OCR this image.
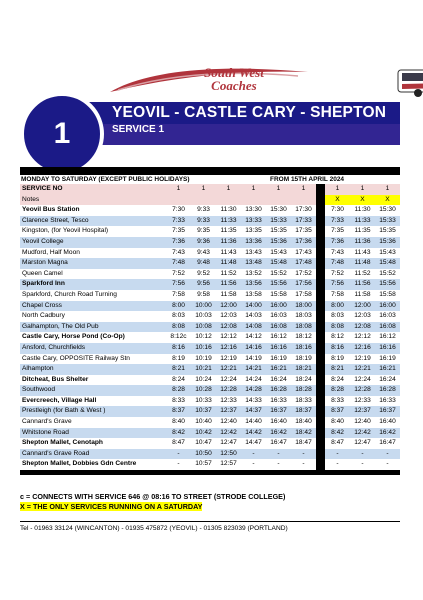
South West
Coaches
1
YEOVIL - CASTLE CARY - SHEPTON
SERVICE 1
MONDAY TO SATURDAY (EXCEPT PUBLIC HOLIDAYS)	FROM 15TH APRIL 2024
SERVICE NO	1	1	1	1	1	1		1	1	1
Notes								X	X	X
Yeovil Bus Station	7:30	9:33	11:30	13:30	15:30	17:30		7:30	11:30	15:30
Clarence Street, Tesco	7:33	9:33	11:33	13:33	15:33	17:33		7:33	11:33	15:33
Kingston, (for Yeovil Hospital)	7:35	9:35	11:35	13:35	15:35	17:35		7:35	11:35	15:35
Yeovil College	7:36	9:36	11:36	13:36	15:36	17:36		7:36	11:36	15:36
Mudford, Half Moon	7:43	9:43	11:43	13:43	15:43	17:43		7:43	11:43	15:43
Marston Magna	7:48	9:48	11:48	13:48	15:48	17:48		7:48	11:48	15:48
Queen Camel	7:52	9:52	11:52	13:52	15:52	17:52		7:52	11:52	15:52
Sparkford Inn	7:56	9:56	11:56	13:56	15:56	17:56		7:56	11:56	15:56
Sparkford, Church Road Turning	7:58	9:58	11:58	13:58	15:58	17:58		7:58	11:58	15:58
Chapel Cross	8:00	10:00	12:00	14:00	16:00	18:00		8:00	12:00	16:00
North Cadbury	8:03	10:03	12:03	14:03	16:03	18:03		8:03	12:03	16:03
Galhampton, The Old Pub	8:08	10:08	12:08	14:08	16:08	18:08		8:08	12:08	16:08
Castle Cary, Horse Pond (Co-Op)	8:12c	10:12	12:12	14:12	16:12	18:12		8:12	12:12	16:12
Ansford, Churchfields	8:16	10:16	12:16	14:16	16:16	18:16		8:16	12:16	16:16
Castle Cary, OPPOSITE Railway Stn	8:19	10:19	12:19	14:19	16:19	18:19		8:19	12:19	16:19
Alhampton	8:21	10:21	12:21	14:21	16:21	18:21		8:21	12:21	16:21
Ditcheat, Bus Shelter	8:24	10:24	12:24	14:24	16:24	18:24		8:24	12:24	16:24
Southwood	8:28	10:28	12:28	14:28	16:28	18:28		8:28	12:28	16:28
Evercreech, Village Hall	8:33	10:33	12:33	14:33	16:33	18:33		8:33	12:33	16:33
Prestleigh (for Bath & West )	8:37	10:37	12:37	14:37	16:37	18:37		8:37	12:37	16:37
Cannard's Grave	8:40	10:40	12:40	14:40	16:40	18:40		8:40	12:40	16:40
Whitstone Road	8:42	10:42	12:42	14:42	16:42	18:42		8:42	12:42	16:42
Shepton Mallet, Cenotaph	8:47	10:47	12:47	14:47	16:47	18:47		8:47	12:47	16:47
Cannard's Grave Road	-	10:50	12:50	-	-	-		-	-	-
Shepton Mallet, Dobbies Gdn Centre	-	10:57	12:57	-	-	-		-	-	-
c = CONNECTS WITH SERVICE 646 @ 08:16 TO STREET (STRODE COLLEGE)
X = THE ONLY SERVICES RUNNING ON A SATURDAY
Tel - 01963 33124 (WINCANTON) - 01935 475872 (YEOVIL) - 01305 823039 (PORTLAND)
